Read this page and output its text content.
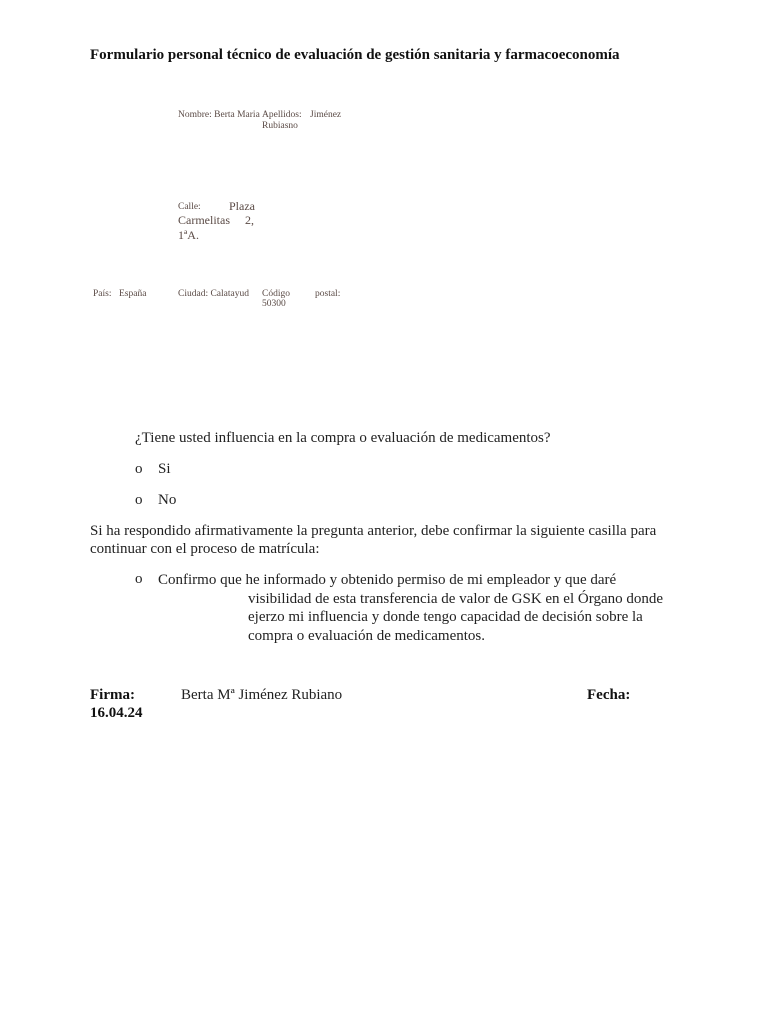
Formulario personal técnico de evaluación de gestión sanitaria y farmacoeconomía
Nombre: Berta Maria Apellidos: Jiménez
Rubiasno
Calle: Plaza
Carmelitas 2,
1ªA.
País: España	Ciudad: Calatayud Código	postal:
50300
¿Tiene usted influencia en la compra o evaluación de medicamentos?
o Si
o No
Si ha respondido afirmativamente la pregunta anterior, debe confirmar la siguiente casilla para continuar con el proceso de matrícula:
o Confirmo que he informado y obtenido permiso de mi empleador y que daré
visibilidad de esta transferencia de valor de GSK en el Órgano donde
ejerzo mi influencia y donde tengo capacidad de decisión sobre la
compra o evaluación de medicamentos.
Firma:	Berta Mª Jiménez Rubiano	Fecha:
16.04.24
